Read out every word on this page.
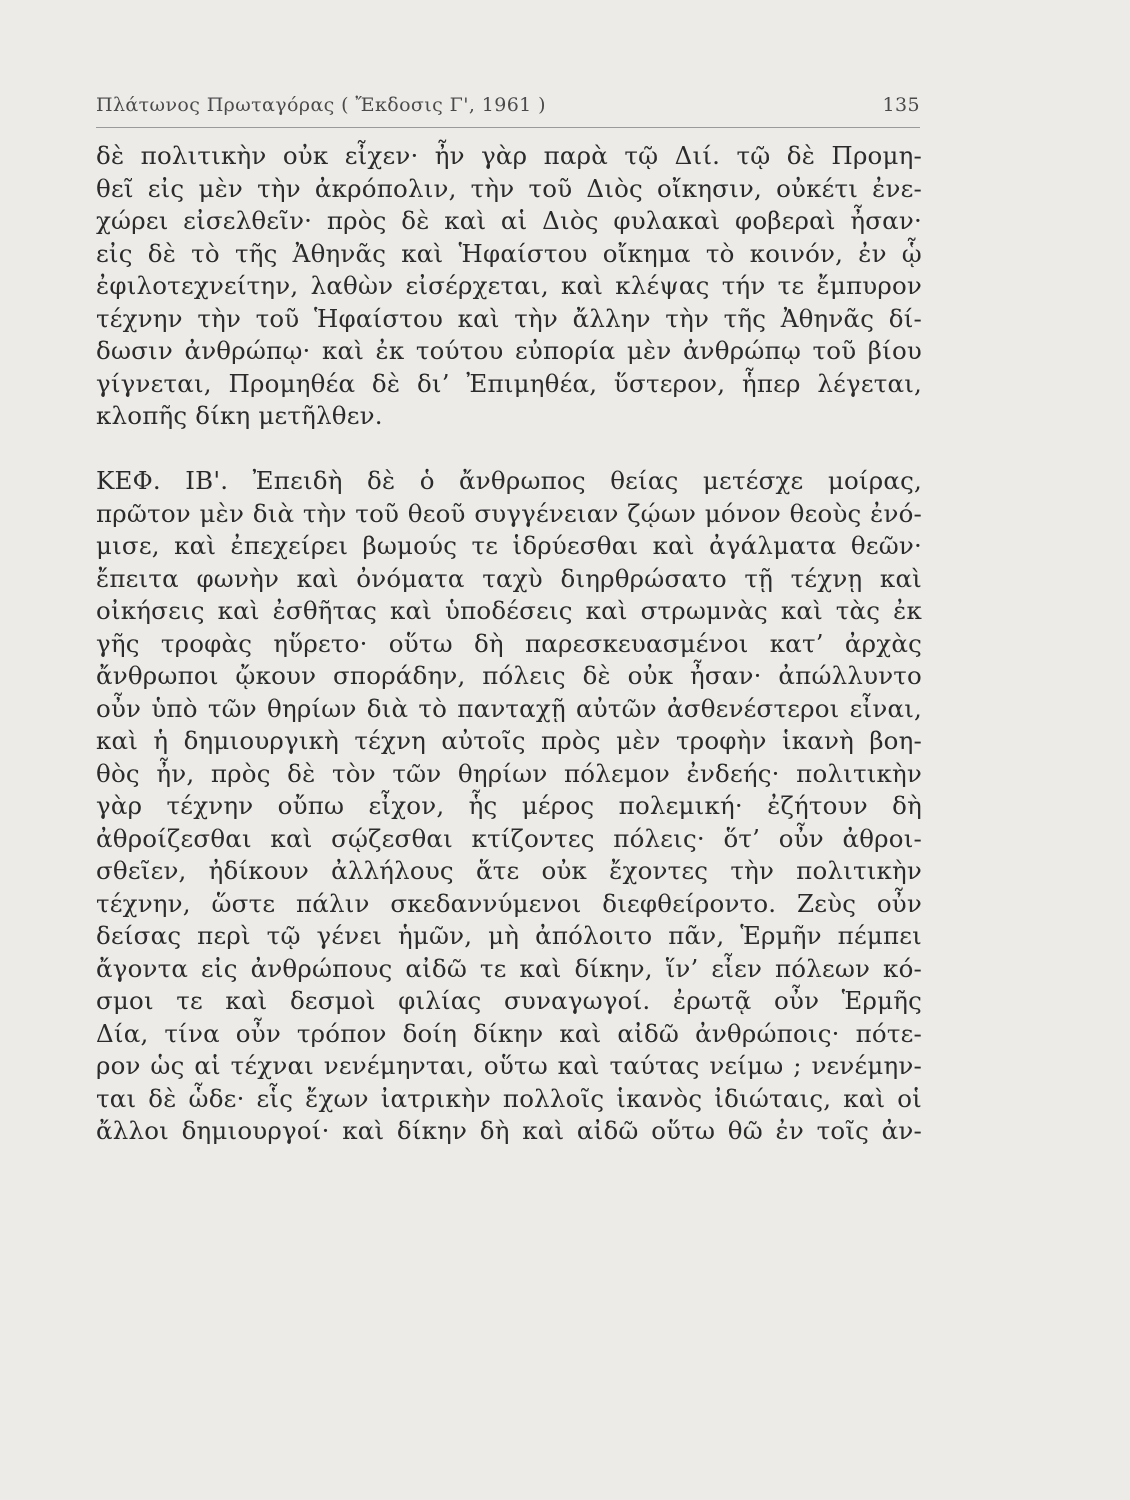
Πλάτωνος Πρωταγόρας ( Ἔκδοσις Γ', 1961 )	135
δὲ πολιτικὴν οὐκ εἶχεν· ἦν γὰρ παρὰ τῷ Διί. τῷ δὲ Προμη-
θεῖ εἰς μὲν τὴν ἀκρόπολιν, τὴν τοῦ Διὸς οἴκησιν, οὐκέτι ἐνε-
χώρει εἰσελθεῖν· πρὸς δὲ καὶ αἱ Διὸς φυλακαὶ φοβεραὶ ἦσαν·
εἰς δὲ τὸ τῆς Ἀθηνᾶς καὶ Ἡφαίστου οἴκημα τὸ κοινόν, ἐν ᾧ
ἐφιλοτεχνείτην, λαθὼν εἰσέρχεται, καὶ κλέψας τήν τε ἔμπυρον
τέχνην τὴν τοῦ Ἡφαίστου καὶ τὴν ἄλλην τὴν τῆς Ἀθηνᾶς δί-
δωσιν ἀνθρώπῳ· καὶ ἐκ τούτου εὐπορία μὲν ἀνθρώπῳ τοῦ βίου
γίγνεται, Προμηθέα δὲ δι’ Ἐπιμηθέα, ὕστερον, ἧπερ λέγεται,
κλοπῆς δίκη μετῆλθεν.
ΚΕΦ. ΙΒ'. Ἐπειδὴ δὲ ὁ ἄνθρωπος θείας μετέσχε μοίρας,
πρῶτον μὲν διὰ τὴν τοῦ θεοῦ συγγένειαν ζῴων μόνον θεοὺς ἐνό-
μισε, καὶ ἐπεχείρει βωμούς τε ἱδρύεσθαι καὶ ἀγάλματα θεῶν·
ἔπειτα φωνὴν καὶ ὀνόματα ταχὺ διηρθρώσατο τῇ τέχνῃ καὶ
οἰκήσεις καὶ ἐσθῆτας καὶ ὑποδέσεις καὶ στρωμνὰς καὶ τὰς ἐκ
γῆς τροφὰς ηὕρετο· οὕτω δὴ παρεσκευασμένοι κατ’ ἀρχὰς
ἄνθρωποι ᾤκουν σποράδην, πόλεις δὲ οὐκ ἦσαν· ἀπώλλυντο
οὖν ὑπὸ τῶν θηρίων διὰ τὸ πανταχῇ αὐτῶν ἀσθενέστεροι εἶναι,
καὶ ἡ δημιουργικὴ τέχνη αὐτοῖς πρὸς μὲν τροφὴν ἱκανὴ βοη-
θὸς ἦν, πρὸς δὲ τὸν τῶν θηρίων πόλεμον ἐνδεής· πολιτικὴν
γὰρ τέχνην οὔπω εἶχον, ἧς μέρος πολεμική· ἐζήτουν δὴ
ἀθροίζεσθαι καὶ σῴζεσθαι κτίζοντες πόλεις· ὅτ’ οὖν ἀθροι-
σθεῖεν, ἠδίκουν ἀλλήλους ἅτε οὐκ ἔχοντες τὴν πολιτικὴν
τέχνην, ὥστε πάλιν σκεδαννύμενοι διεφθείροντο. Ζεὺς οὖν
δείσας περὶ τῷ γένει ἡμῶν, μὴ ἀπόλοιτο πᾶν, Ἑρμῆν πέμπει
ἄγοντα εἰς ἀνθρώπους αἰδῶ τε καὶ δίκην, ἵν’ εἶεν πόλεων κό-
σμοι τε καὶ δεσμοὶ φιλίας συναγωγοί. ἐρωτᾷ οὖν Ἑρμῆς
Δία, τίνα οὖν τρόπον δοίη δίκην καὶ αἰδῶ ἀνθρώποις· πότε-
ρον ὡς αἱ τέχναι νενέμηνται, οὕτω καὶ ταύτας νείμω ; νενέμην-
ται δὲ ὧδε· εἷς ἔχων ἰατρικὴν πολλοῖς ἱκανὸς ἰδιώταις, καὶ οἱ
ἄλλοι δημιουργοί· καὶ δίκην δὴ καὶ αἰδῶ οὕτω θῶ ἐν τοῖς ἀν-
